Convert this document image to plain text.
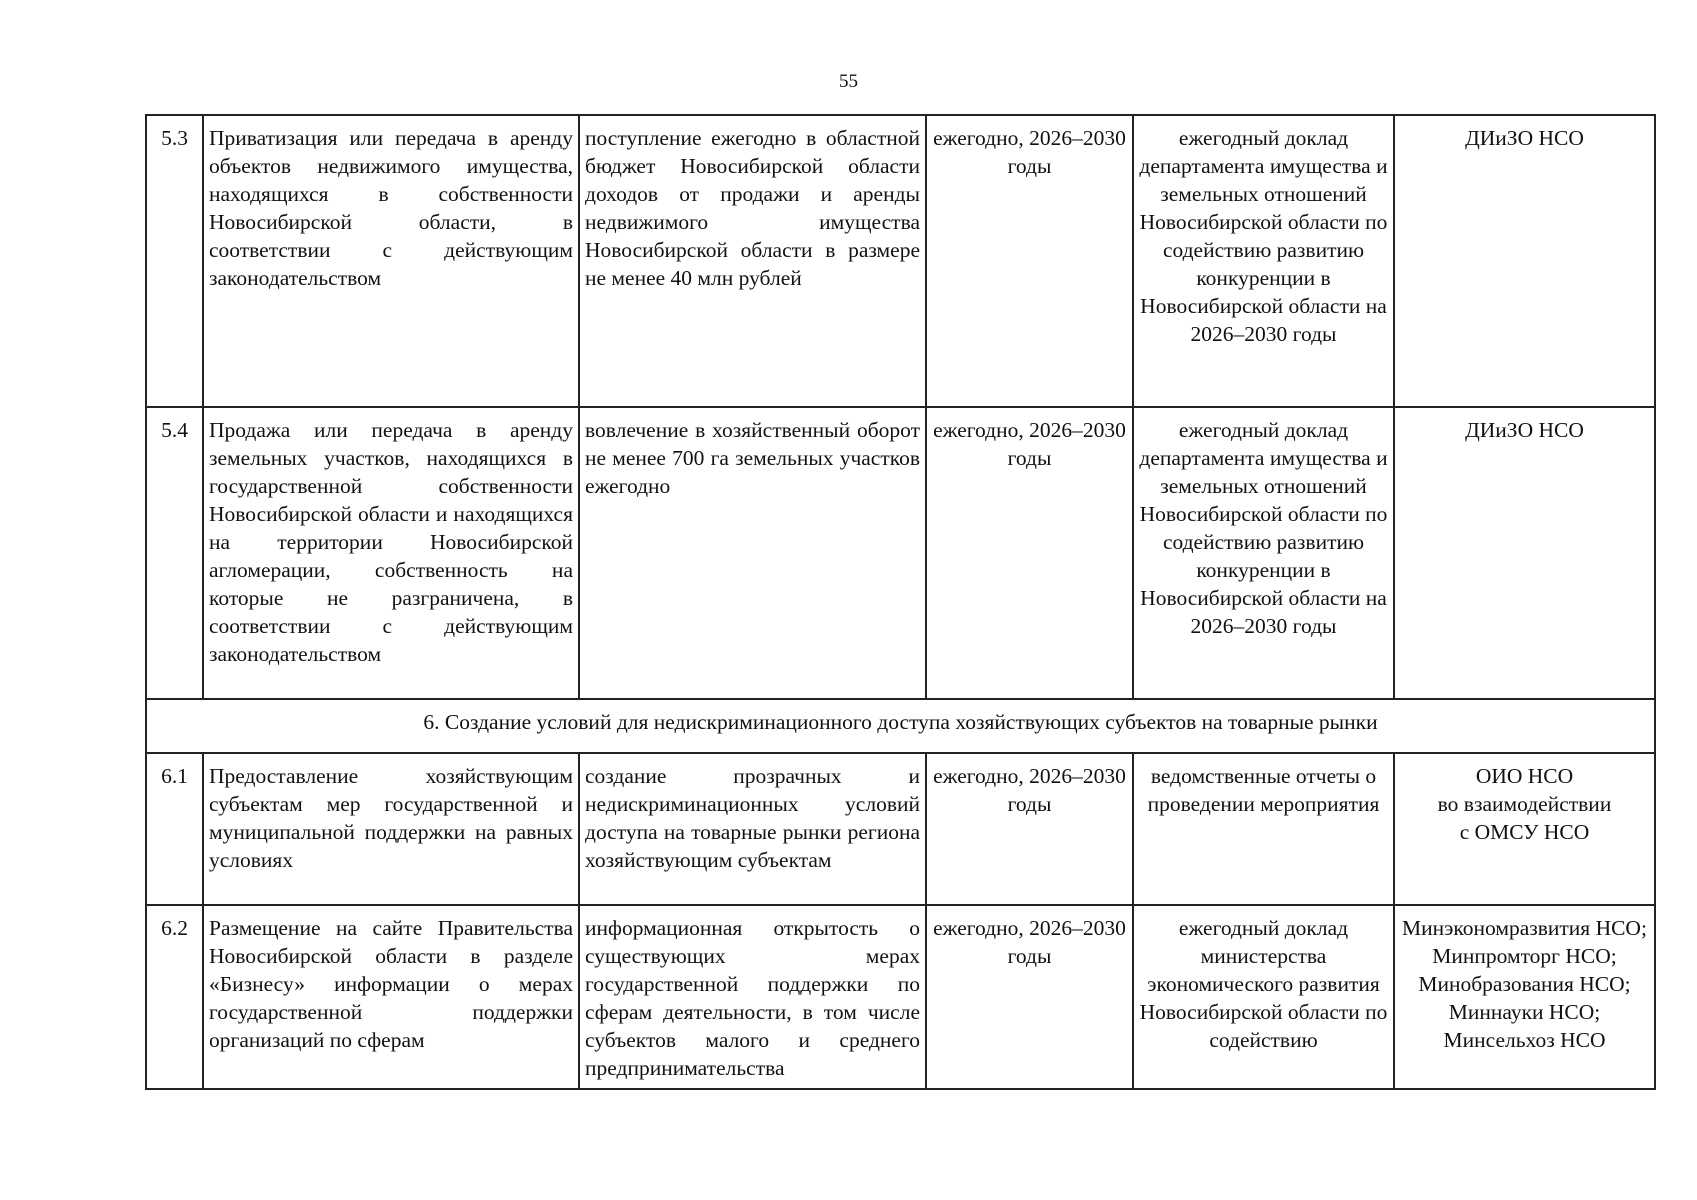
55
5.3	Приватизация или передача в аренду объектов недвижимого имущества, находящихся в собственности Новосибирской области, в соответствии с действующим законодательством	поступление ежегодно в областной бюджет Новосибирской области доходов от продажи и аренды недвижимого имущества Новосибирской области в размере не менее 40 млн рублей	ежегодно, 2026–2030 годы	ежегодный доклад департамента имущества и земельных отношений Новосибирской области по содействию развитию конкуренции в Новосибирской области на 2026–2030 годы	ДИиЗО НСО

5.4	Продажа или передача в аренду земельных участков, находящихся в государственной собственности Новосибирской области и находящихся на территории Новосибирской агломерации, собственность на которые не разграничена, в соответствии с действующим законодательством	вовлечение в хозяйственный оборот не менее 700 га земельных участков ежегодно	ежегодно, 2026–2030 годы	ежегодный доклад департамента имущества и земельных отношений Новосибирской области по содействию развитию конкуренции в Новосибирской области на 2026–2030 годы	ДИиЗО НСО

6. Создание условий для недискриминационного доступа хозяйствующих субъектов на товарные рынки					
6.1	Предоставление хозяйствующим субъектам мер государственной и муниципальной поддержки на равных условиях	создание прозрачных и недискриминационных условий доступа на товарные рынки региона хозяйствующим субъектам	ежегодно, 2026–2030 годы	ведомственные отчеты о проведении мероприятия	ОИО НСО
во взаимодействии
с ОМСУ НСО

6.2	Размещение на сайте Правительства Новосибирской области в разделе «Бизнесу» информации о мерах государственной поддержки организаций по сферам	информационная открытость о существующих мерах государственной поддержки по сферам деятельности, в том числе субъектов малого и среднего предпринимательства	ежегодно, 2026–2030 годы	ежегодный доклад министерства экономического развития Новосибирской области по содействию	Минэкономразвития НСО;
Минпромторг НСО;
Минобразования НСО;
Миннауки НСО;
Минсельхоз НСО
